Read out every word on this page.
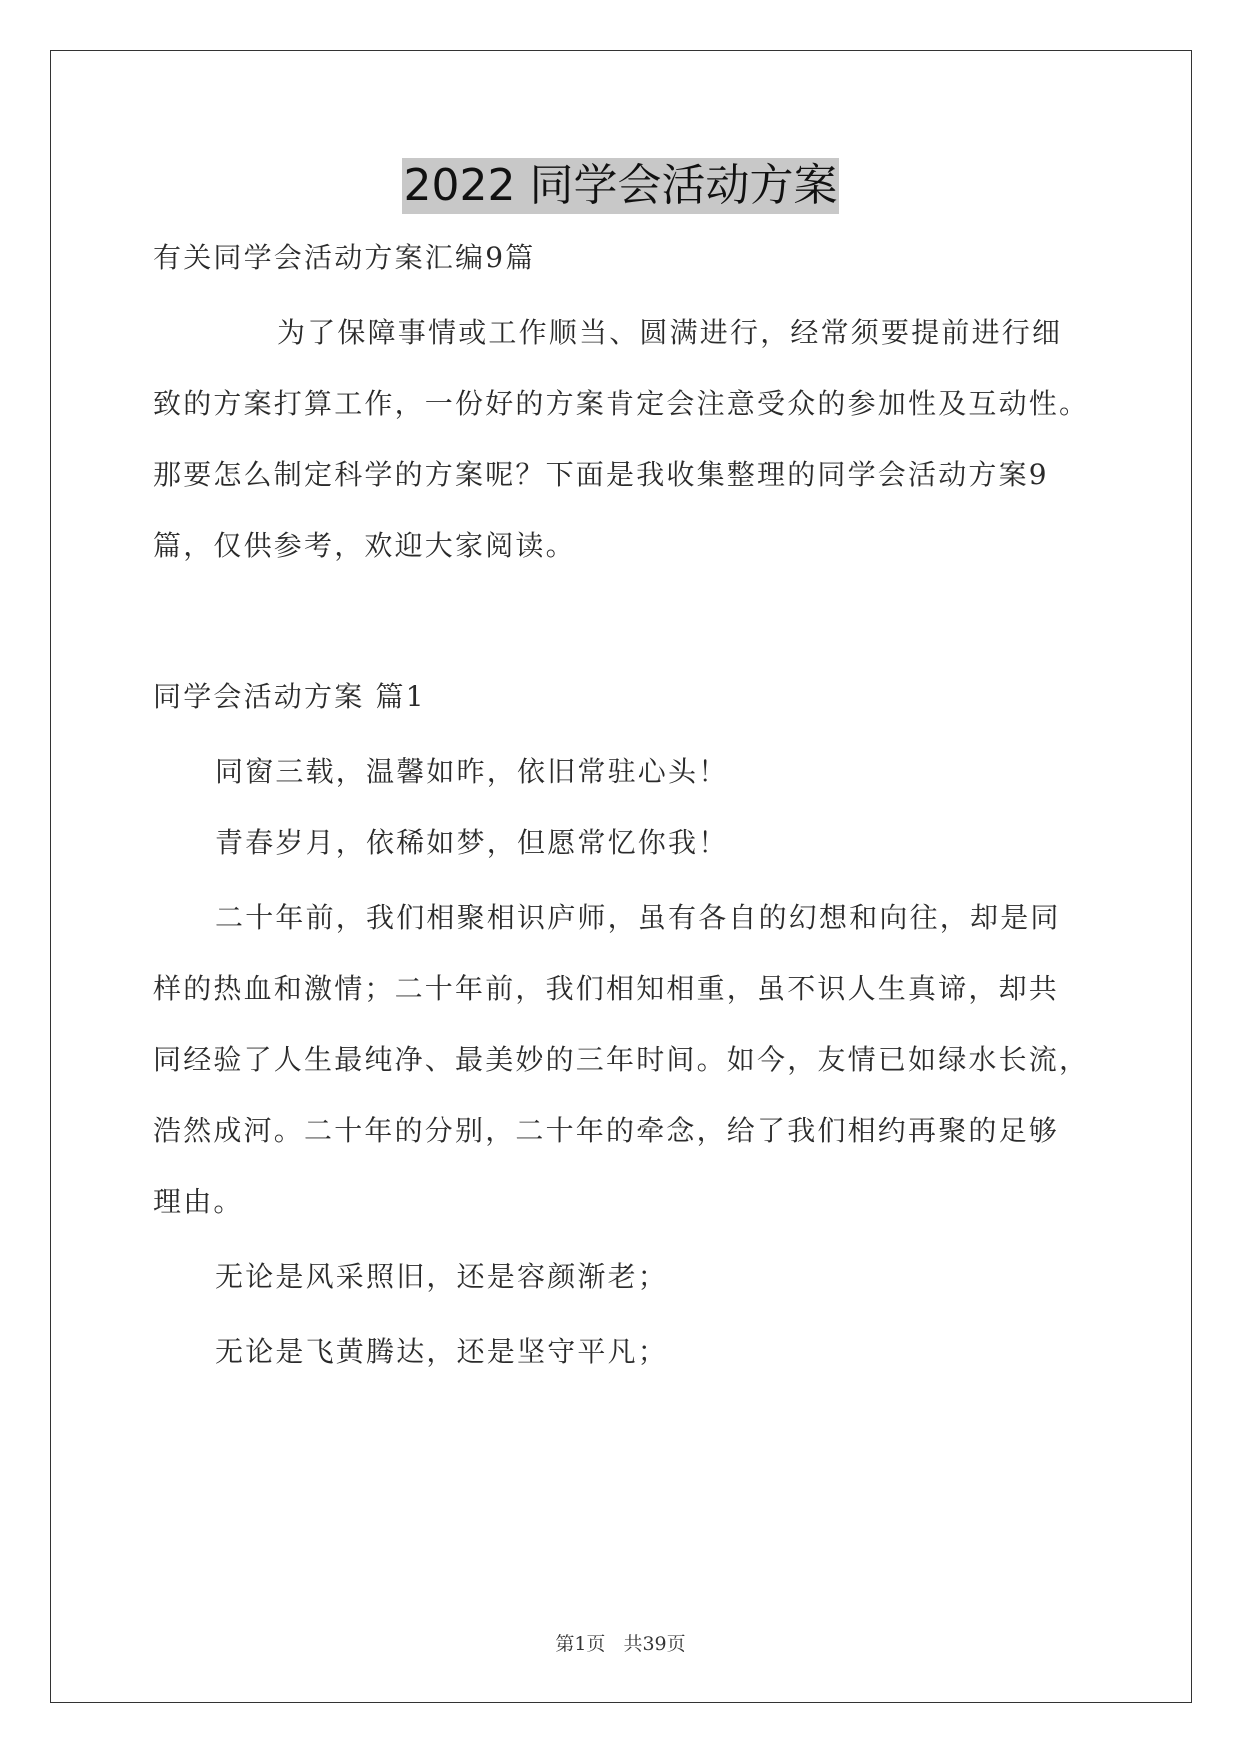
2022 同学会活动方案
有关同学会活动方案汇编9篇
为了保障事情或工作顺当、圆满进行，经常须要提前进行细
致的方案打算工作，一份好的方案肯定会注意受众的参加性及互动性。
那要怎么制定科学的方案呢？下面是我收集整理的同学会活动方案9
篇，仅供参考，欢迎大家阅读。
同学会活动方案 篇1
同窗三载，温馨如昨，依旧常驻心头！
青春岁月，依稀如梦，但愿常忆你我！
二十年前，我们相聚相识庐师，虽有各自的幻想和向往，却是同
样的热血和激情；二十年前，我们相知相重，虽不识人生真谛，却共
同经验了人生最纯净、最美妙的三年时间。如今，友情已如绿水长流，
浩然成河。二十年的分别，二十年的牵念，给了我们相约再聚的足够
理由。
无论是风采照旧，还是容颜渐老；
无论是飞黄腾达，还是坚守平凡；
第1页 共39页
